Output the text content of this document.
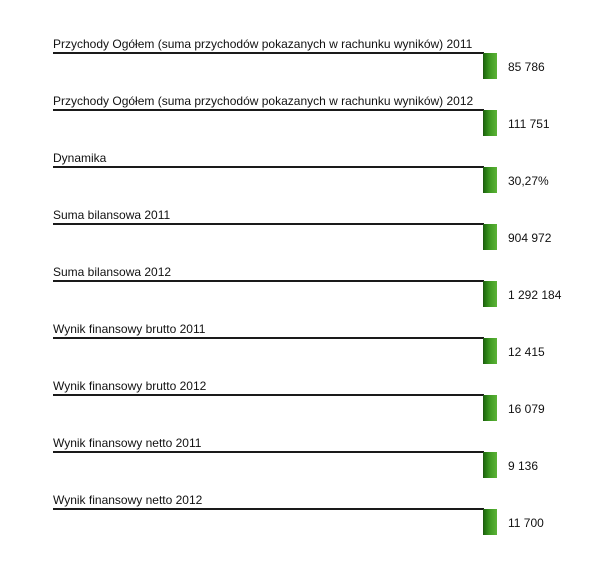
Przychody Ogółem (suma przychodów pokazanych w rachunku wyników) 2011
85 786
Przychody Ogółem (suma przychodów pokazanych w rachunku wyników) 2012
111 751
Dynamika
30,27%
Suma bilansowa 2011
904 972
Suma bilansowa 2012
1 292 184
Wynik finansowy brutto 2011
12 415
Wynik finansowy brutto 2012
16 079
Wynik finansowy netto 2011
9 136
Wynik finansowy netto 2012
11 700
